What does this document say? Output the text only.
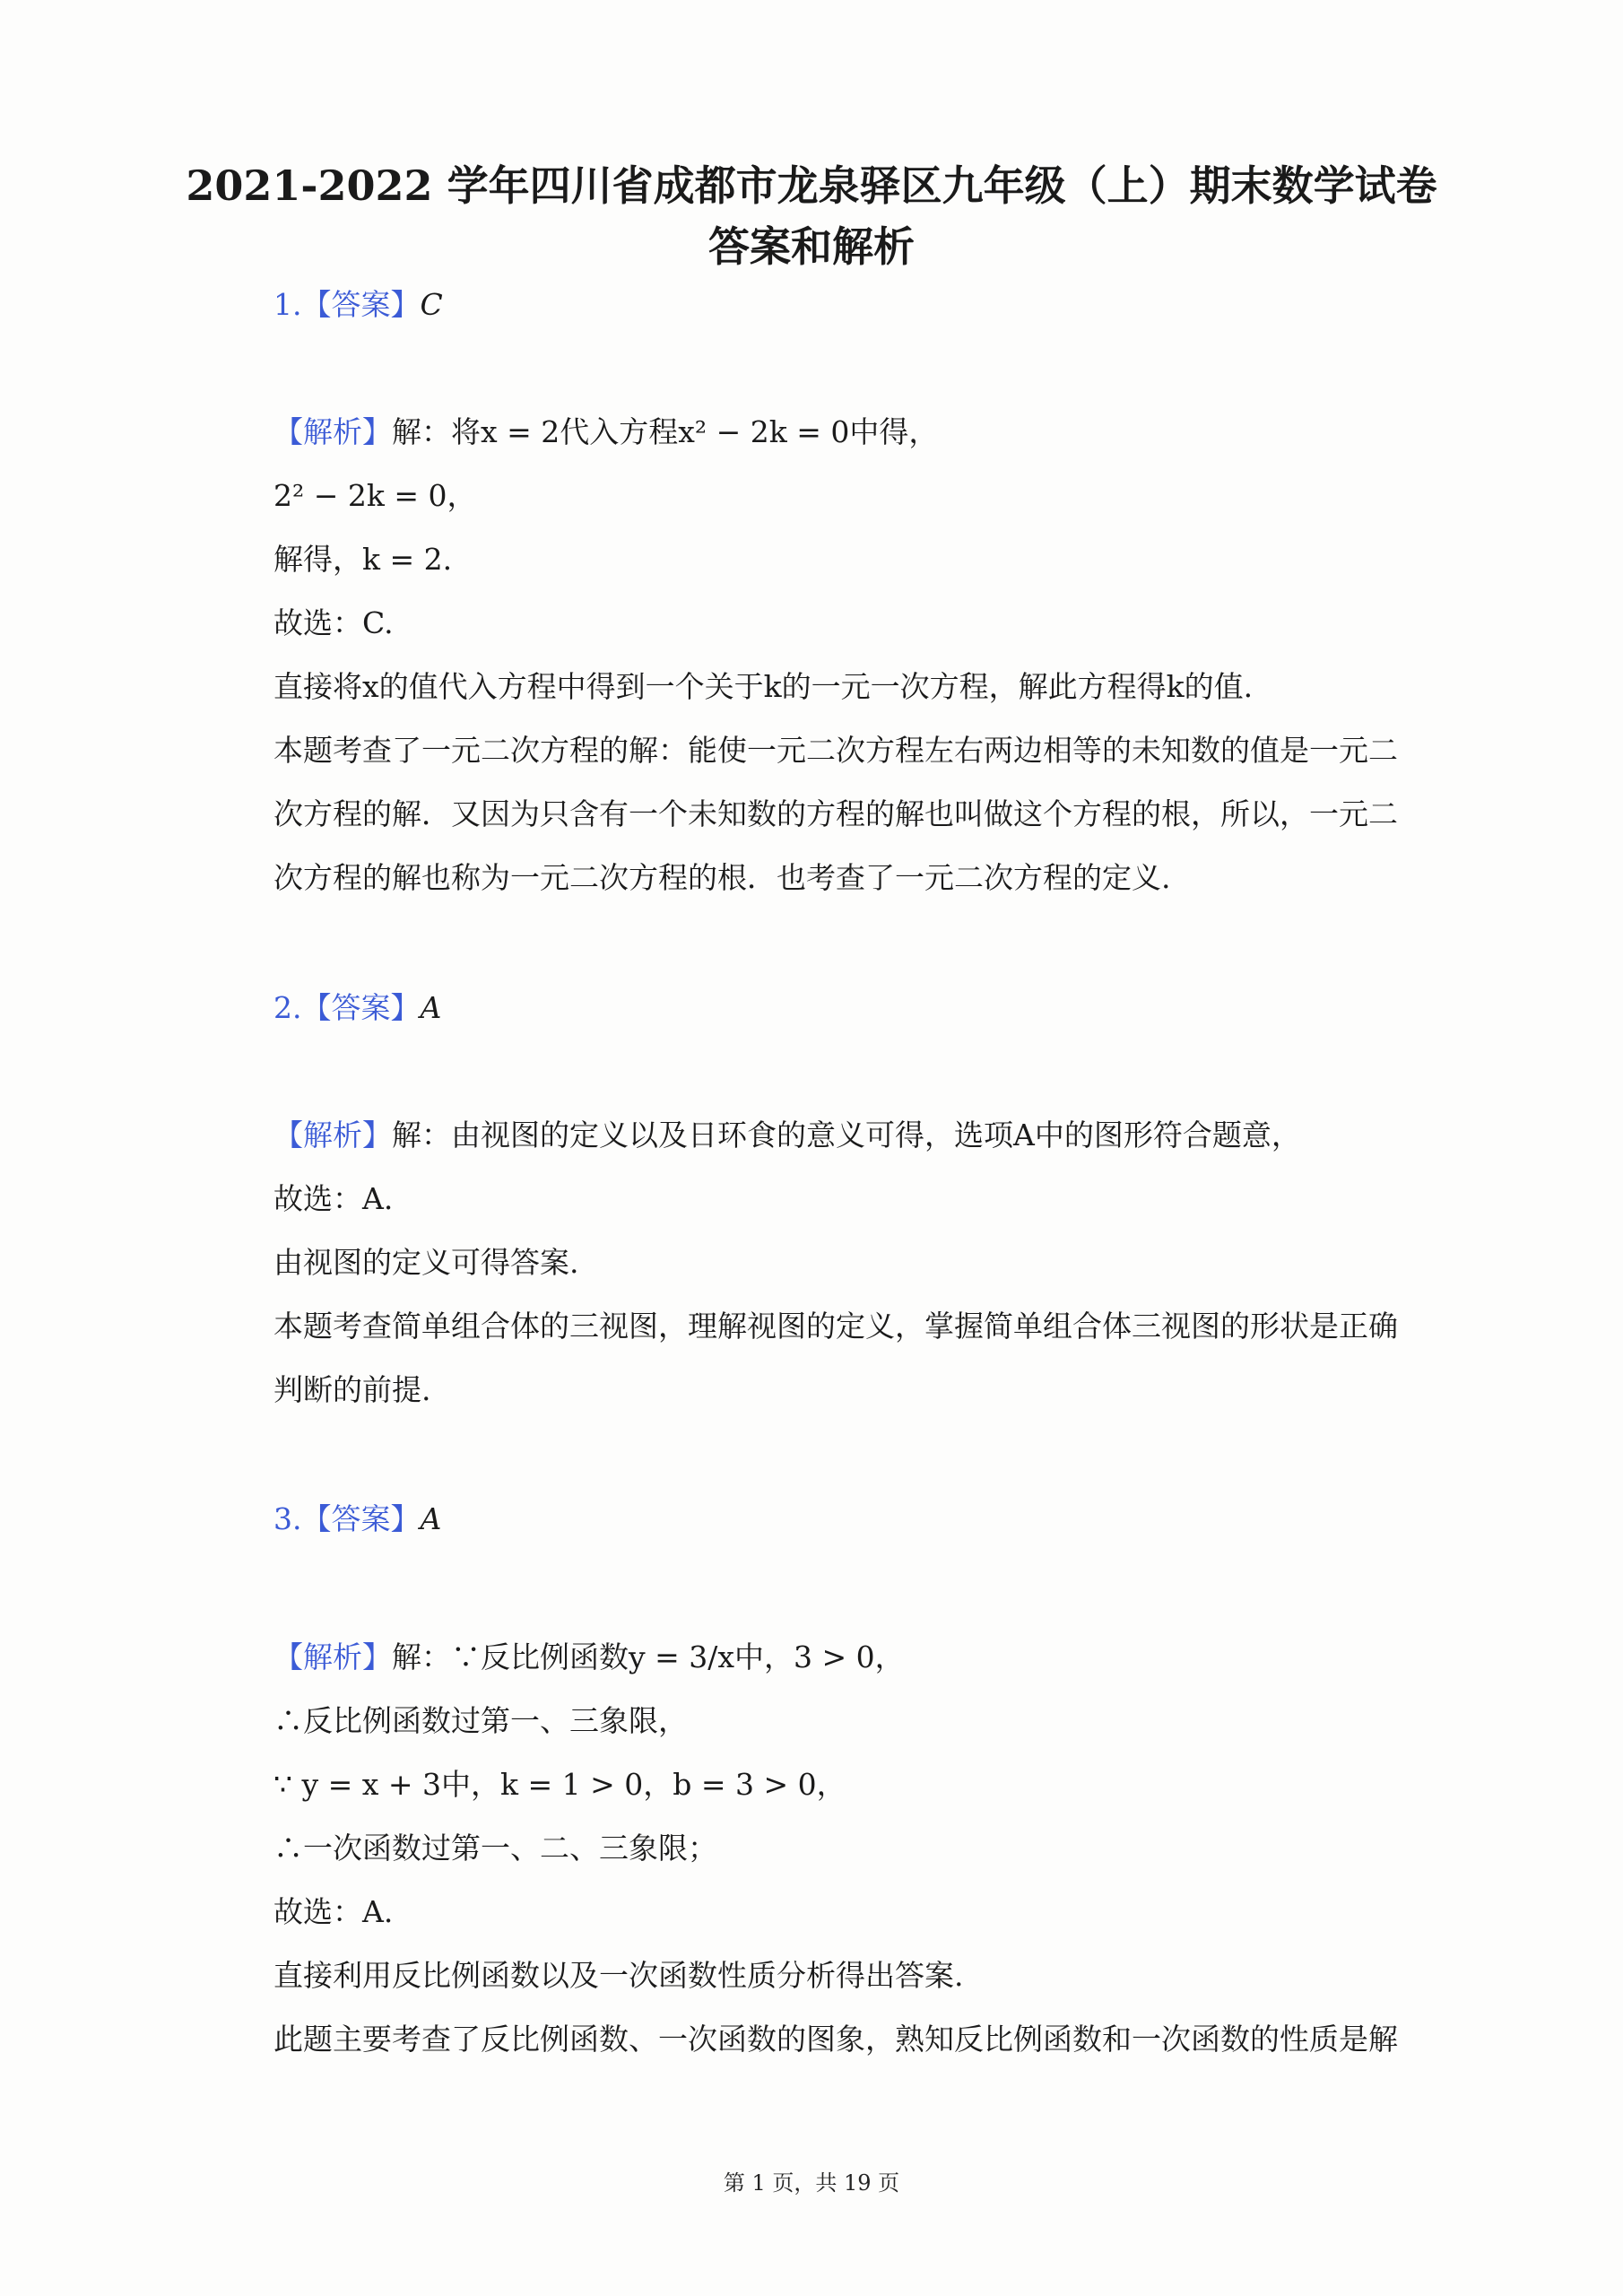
2021-2022 学年四川省成都市龙泉驿区九年级（上）期末数学试卷
答案和解析
1.【答案】C
【解析】解：将x = 2代入方程x² − 2k = 0中得，
2² − 2k = 0，
解得，k = 2.
故选：C.
直接将x的值代入方程中得到一个关于k的一元一次方程，解此方程得k的值.
本题考查了一元二次方程的解：能使一元二次方程左右两边相等的未知数的值是一元二
次方程的解．又因为只含有一个未知数的方程的解也叫做这个方程的根，所以，一元二
次方程的解也称为一元二次方程的根．也考查了一元二次方程的定义.
2.【答案】A
【解析】解：由视图的定义以及日环食的意义可得，选项A中的图形符合题意，
故选：A.
由视图的定义可得答案.
本题考查简单组合体的三视图，理解视图的定义，掌握简单组合体三视图的形状是正确
判断的前提.
3.【答案】A
【解析】解：∵反比例函数y = 3/x中，3 > 0，
∴反比例函数过第一、三象限，
∵ y = x + 3中，k = 1 > 0，b = 3 > 0，
∴一次函数过第一、二、三象限；
故选：A.
直接利用反比例函数以及一次函数性质分析得出答案.
此题主要考查了反比例函数、一次函数的图象，熟知反比例函数和一次函数的性质是解
第 1 页，共 19 页
